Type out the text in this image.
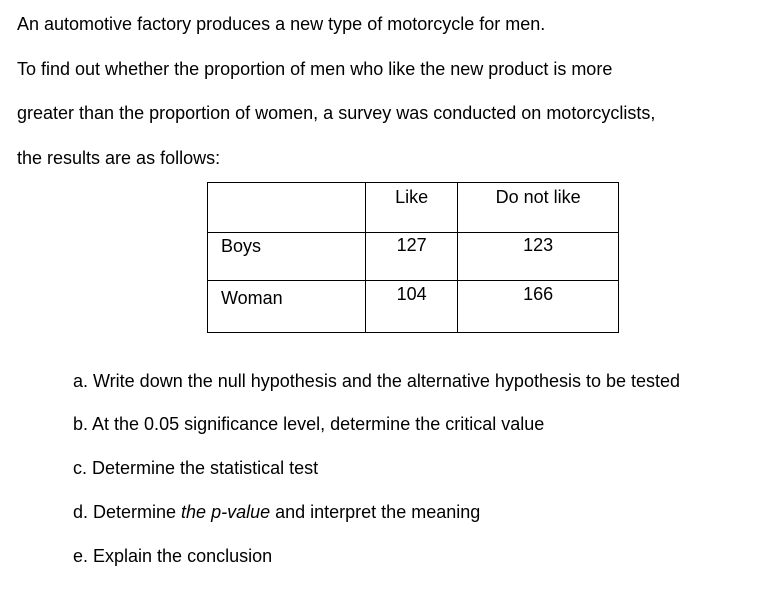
An automotive factory produces a new type of motorcycle for men.
To find out whether the proportion of men who like the new product is more
greater than the proportion of women, a survey was conducted on motorcyclists,
the results are as follows:
	Like	Do not like
Boys	127	123
Woman	104	166
a. Write down the null hypothesis and the alternative hypothesis to be tested
b. At the 0.05 significance level, determine the critical value
c. Determine the statistical test
d. Determine the p-value and interpret the meaning
e. Explain the conclusion
